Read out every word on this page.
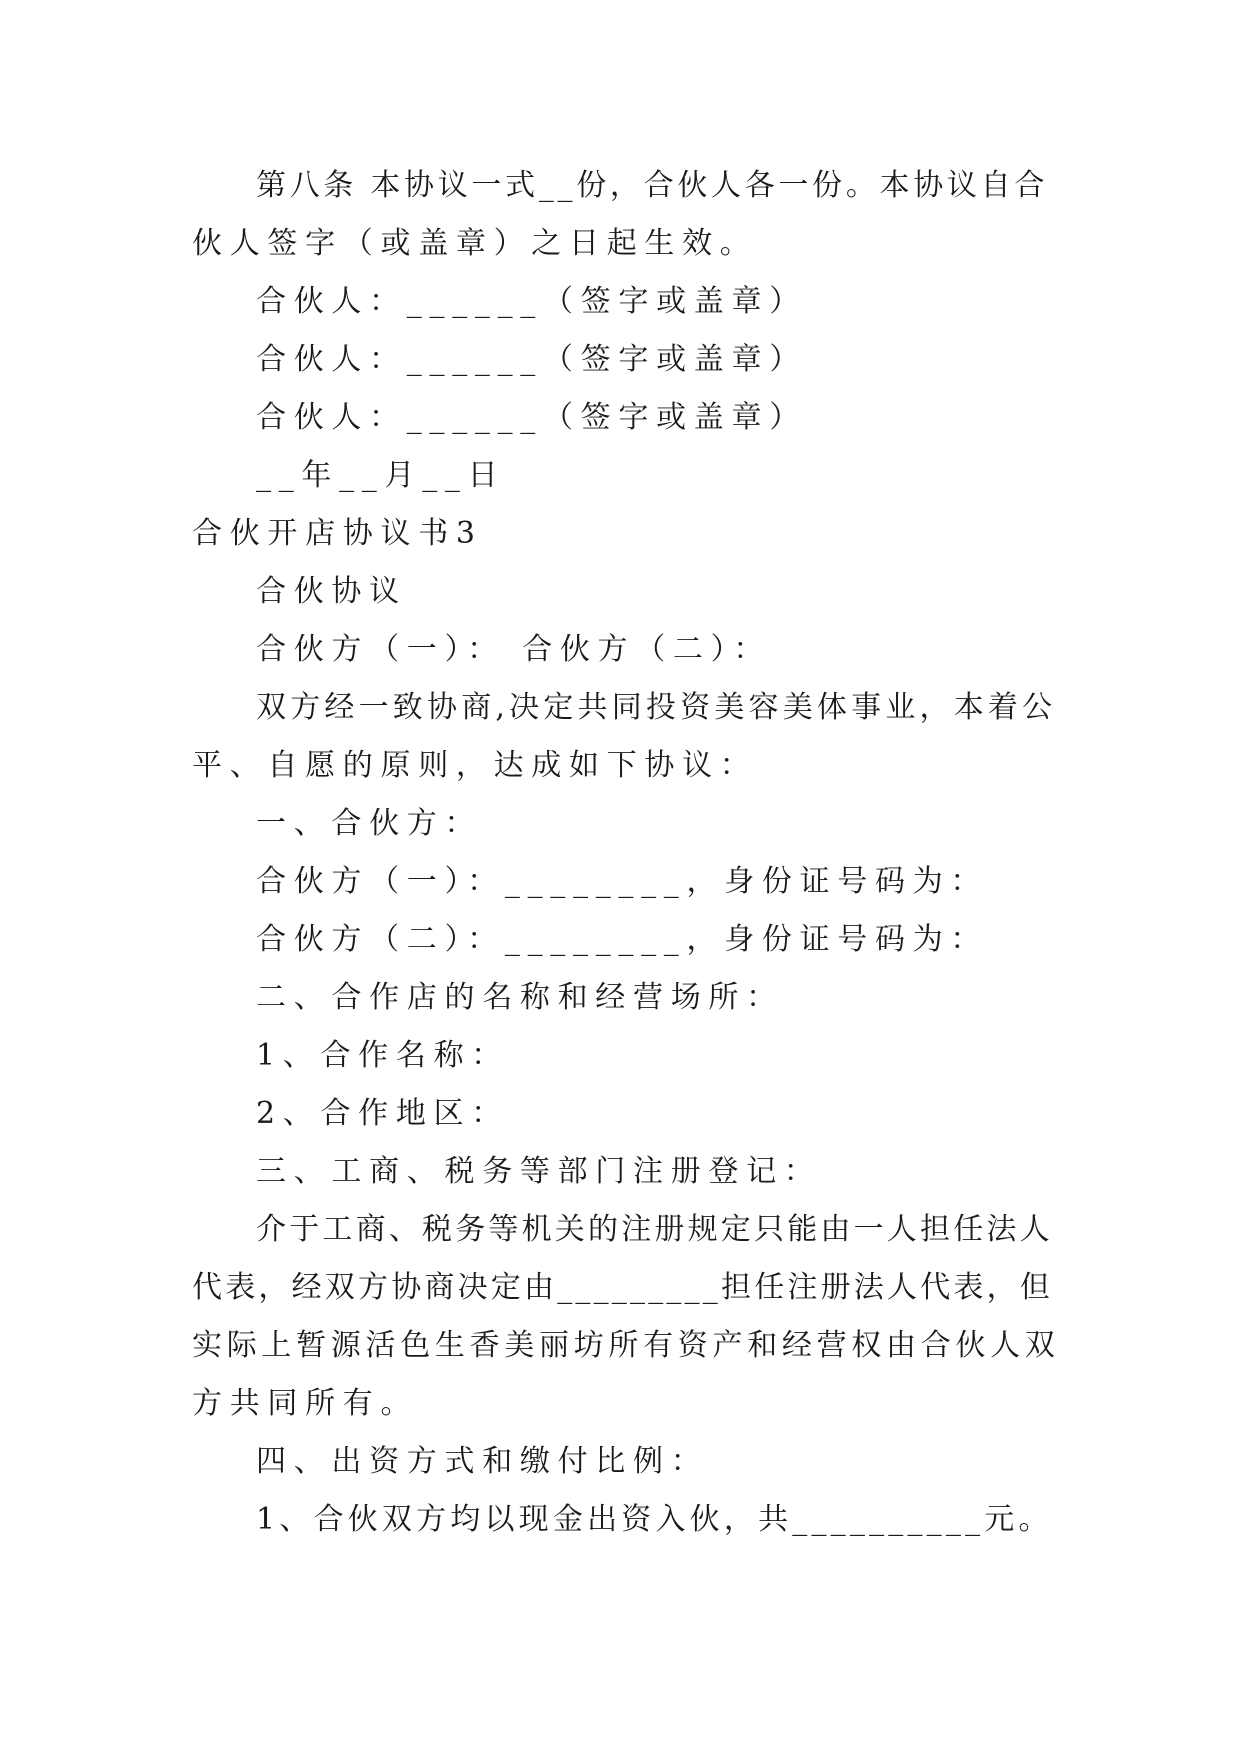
第八条 本协议一式__份，合伙人各一份。本协议自合
伙人签字（或盖章）之日起生效。
合伙人：______（签字或盖章）
合伙人：______（签字或盖章）
合伙人：______（签字或盖章）
__年__月__日
合伙开店协议书3
合伙协议
合伙方（一）： 合伙方（二）：
双方经一致协商,决定共同投资美容美体事业，本着公
平、自愿的原则，达成如下协议：
一、合伙方：
合伙方（一）：________，身份证号码为：
合伙方（二）：________，身份证号码为：
二、合作店的名称和经营场所：
1、合作名称：
2、合作地区：
三、工商、税务等部门注册登记：
介于工商、税务等机关的注册规定只能由一人担任法人
代表，经双方协商决定由_________担任注册法人代表，但
实际上暂源活色生香美丽坊所有资产和经营权由合伙人双
方共同所有。
四、出资方式和缴付比例：
1、合伙双方均以现金出资入伙，共__________元。
